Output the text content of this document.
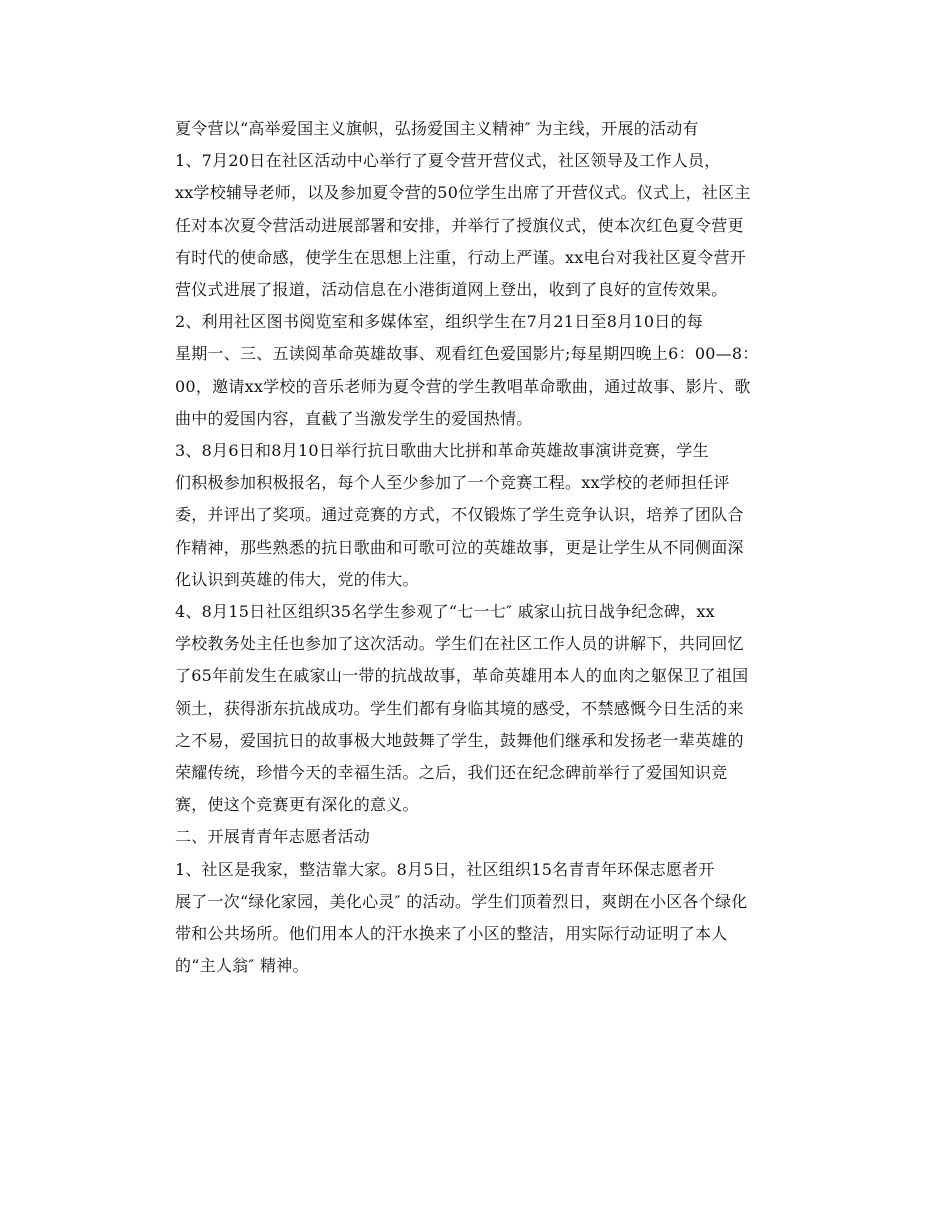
夏令营以“高举爱国主义旗帜，弘扬爱国主义精神″ 为主线，开展的活动有

1、7月20日在社区活动中心举行了夏令营开营仪式，社区领导及工作人员，
xx学校辅导老师，以及参加夏令营的50位学生出席了开营仪式。仪式上，社区主
任对本次夏令营活动进展部署和安排，并举行了授旗仪式，使本次红色夏令营更
有时代的使命感，使学生在思想上注重，行动上严谨。xx电台对我社区夏令营开
营仪式进展了报道，活动信息在小港街道网上登出，收到了良好的宣传效果。

2、利用社区图书阅览室和多媒体室，组织学生在7月21日至8月10日的每
星期一、三、五读阅革命英雄故事、观看红色爱国影片;每星期四晚上6：00—8：
00，邀请xx学校的音乐老师为夏令营的学生教唱革命歌曲，通过故事、影片、歌
曲中的爱国内容，直截了当激发学生的爱国热情。

3、8月6日和8月10日举行抗日歌曲大比拼和革命英雄故事演讲竞赛，学生
们积极参加积极报名，每个人至少参加了一个竞赛工程。xx学校的老师担任评
委，并评出了奖项。通过竞赛的方式，不仅锻炼了学生竞争认识，培养了团队合
作精神，那些熟悉的抗日歌曲和可歌可泣的英雄故事，更是让学生从不同侧面深
化认识到英雄的伟大，党的伟大。

4、8月15日社区组织35名学生参观了“七一七″ 戚家山抗日战争纪念碑，xx
学校教务处主任也参加了这次活动。学生们在社区工作人员的讲解下，共同回忆
了65年前发生在戚家山一带的抗战故事，革命英雄用本人的血肉之躯保卫了祖国
领土，获得浙东抗战成功。学生们都有身临其境的感受，不禁感慨今日生活的来
之不易，爱国抗日的故事极大地鼓舞了学生，鼓舞他们继承和发扬老一辈英雄的
荣耀传统，珍惜今天的幸福生活。之后，我们还在纪念碑前举行了爱国知识竞
赛，使这个竞赛更有深化的意义。

二、开展青青年志愿者活动

1、社区是我家，整洁靠大家。8月5日，社区组织15名青青年环保志愿者开
展了一次“绿化家园，美化心灵″ 的活动。学生们顶着烈日，爽朗在小区各个绿化
带和公共场所。他们用本人的汗水换来了小区的整洁，用实际行动证明了本人
的“主人翁″ 精神。
